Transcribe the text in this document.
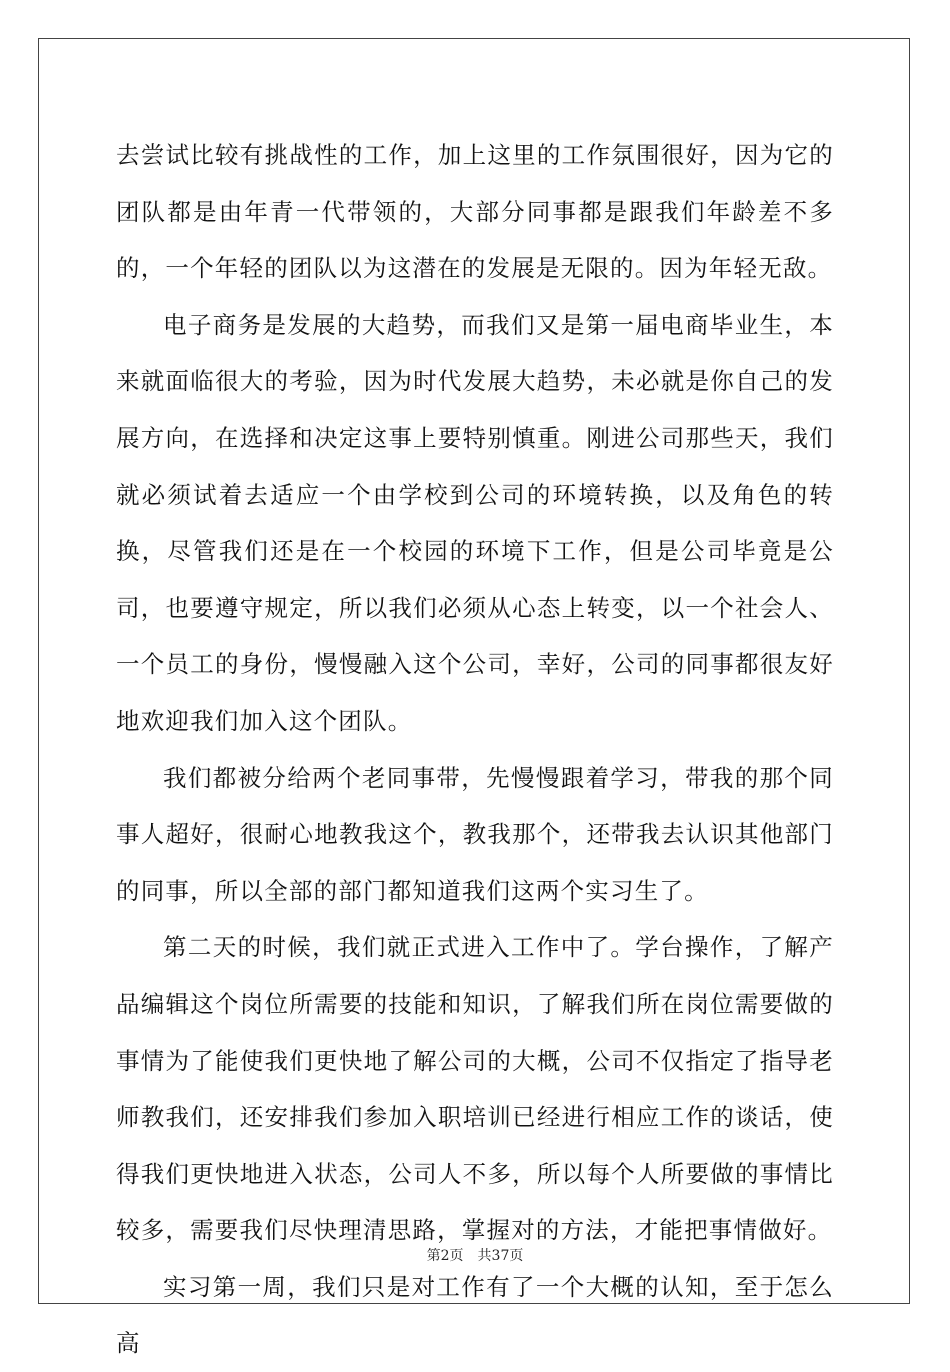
去尝试比较有挑战性的工作，加上这里的工作氛围很好，因为它的团队都是由年青一代带领的，大部分同事都是跟我们年龄差不多的，一个年轻的团队以为这潜在的发展是无限的。因为年轻无敌。

电子商务是发展的大趋势，而我们又是第一届电商毕业生，本来就面临很大的考验，因为时代发展大趋势，未必就是你自己的发展方向，在选择和决定这事上要特别慎重。刚进公司那些天，我们就必须试着去适应一个由学校到公司的环境转换，以及角色的转换，尽管我们还是在一个校园的环境下工作，但是公司毕竟是公司，也要遵守规定，所以我们必须从心态上转变，以一个社会人、一个员工的身份，慢慢融入这个公司，幸好，公司的同事都很友好地欢迎我们加入这个团队。

我们都被分给两个老同事带，先慢慢跟着学习，带我的那个同事人超好，很耐心地教我这个，教我那个，还带我去认识其他部门的同事，所以全部的部门都知道我们这两个实习生了。

第二天的时候，我们就正式进入工作中了。学台操作，了解产品编辑这个岗位所需要的技能和知识，了解我们所在岗位需要做的事情为了能使我们更快地了解公司的大概，公司不仅指定了指导老师教我们，还安排我们参加入职培训已经进行相应工作的谈话，使得我们更快地进入状态，公司人不多，所以每个人所要做的事情比较多，需要我们尽快理清思路，掌握对的方法，才能把事情做好。

实习第一周，我们只是对工作有了一个大概的认知，至于怎么高

第2页 共37页
